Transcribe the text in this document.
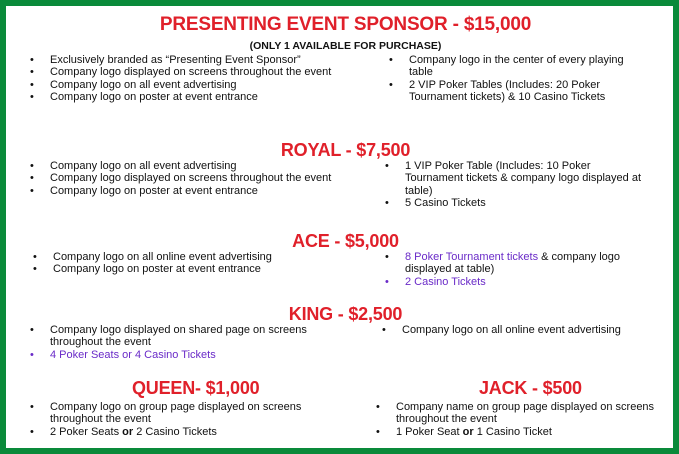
PRESENTING EVENT SPONSOR - $15,000
(ONLY 1 AVAILABLE FOR PURCHASE)
• Exclusively branded as “Presenting Event Sponsor”
• Company logo displayed on screens throughout the event
• Company logo on all event advertising
• Company logo on poster at event entrance
• Company logo in the center of every playing table
• 2 VIP Poker Tables (Includes: 20 Poker Tournament tickets) & 10 Casino Tickets
ROYAL - $7,500
• Company logo on all event advertising
• Company logo displayed on screens throughout the event
• Company logo on poster at event entrance
• 1 VIP Poker Table (Includes: 10 Poker Tournament tickets & company logo displayed at table)
• 5 Casino Tickets
ACE - $5,000
• Company logo on all online event advertising
• Company logo on poster at event entrance
• 8 Poker Tournament tickets & company logo displayed at table)
• 2 Casino Tickets
KING - $2,500
• Company logo displayed on shared page on screens throughout the event
• 4 Poker Seats or 4 Casino Tickets
• Company logo on all online event advertising
QUEEN- $1,000
• Company logo on group page displayed on screens throughout the event
• 2 Poker Seats or 2 Casino Tickets
JACK - $500
• Company name on group page displayed on screens throughout the event
• 1 Poker Seat or 1 Casino Ticket
